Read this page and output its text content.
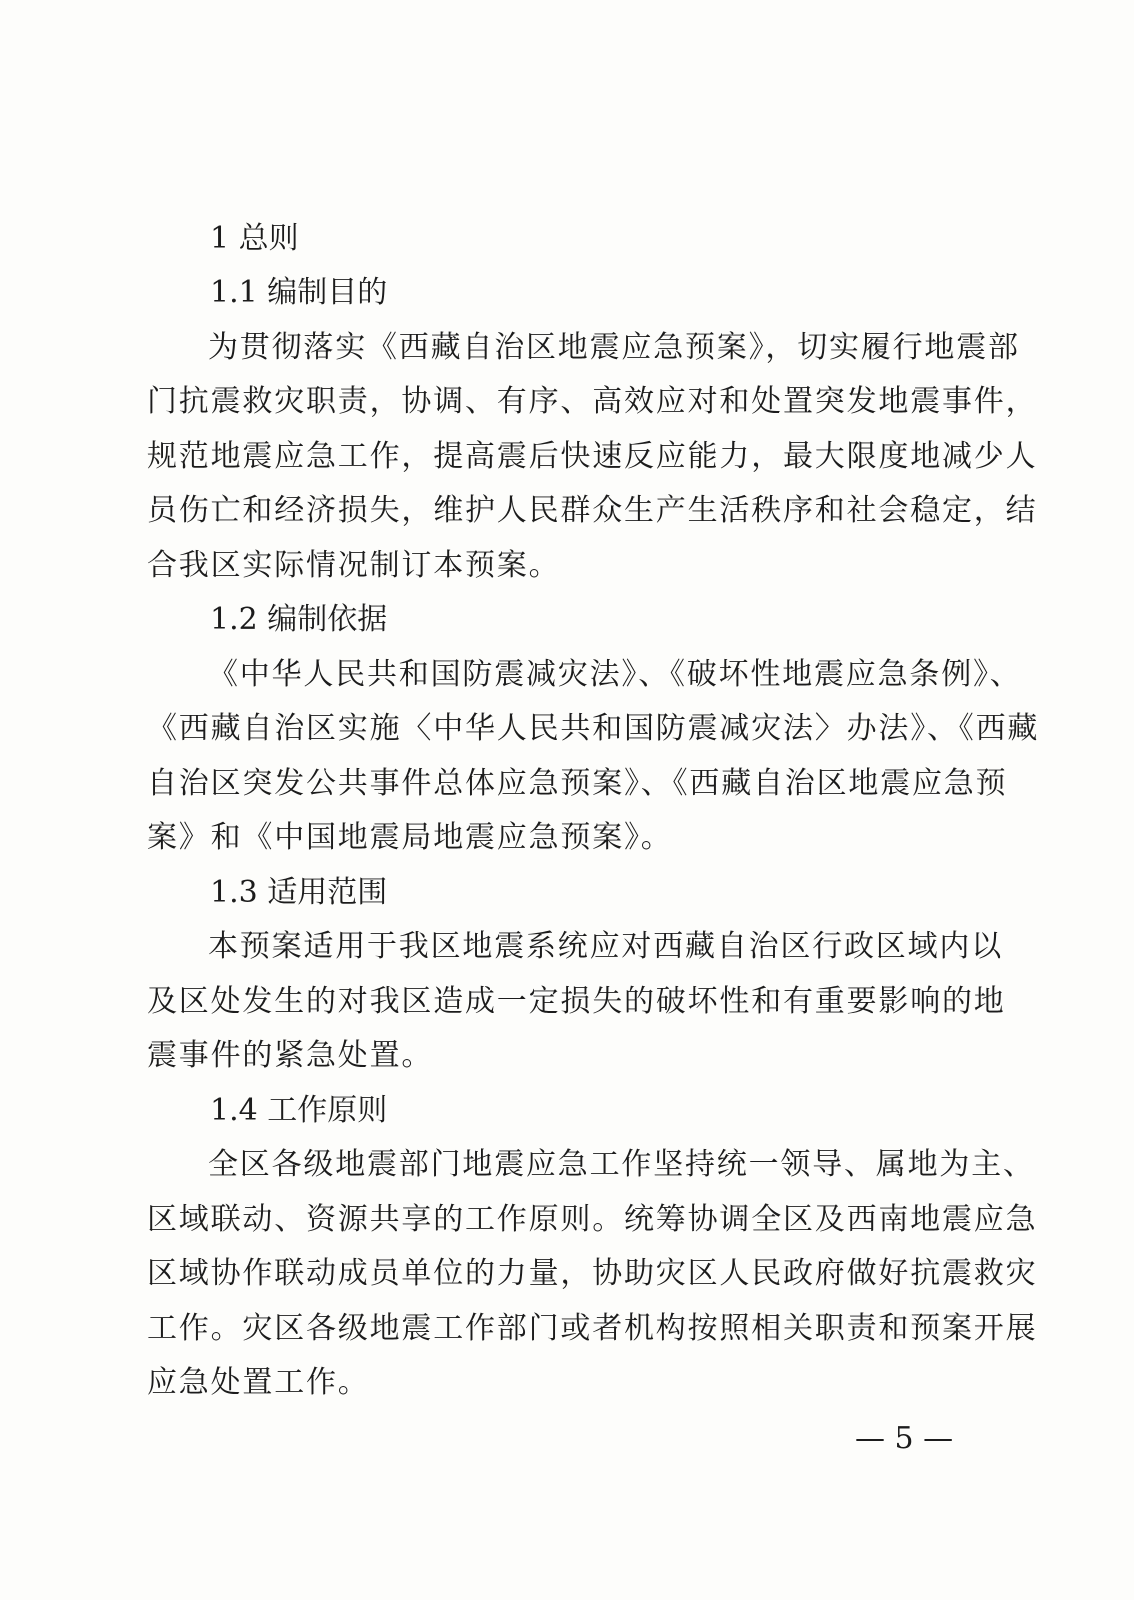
1 总则
1.1 编制目的
为贯彻落实《西藏自治区地震应急预案》，切实履行地震部
门抗震救灾职责，协调、有序、高效应对和处置突发地震事件，
规范地震应急工作，提高震后快速反应能力，最大限度地减少人
员伤亡和经济损失，维护人民群众生产生活秩序和社会稳定，结
合我区实际情况制订本预案。
1.2 编制依据
《中华人民共和国防震减灾法》、《破坏性地震应急条例》、
《西藏自治区实施〈中华人民共和国防震减灾法〉办法》、《西藏
自治区突发公共事件总体应急预案》、《西藏自治区地震应急预
案》和《中国地震局地震应急预案》。
1.3 适用范围
本预案适用于我区地震系统应对西藏自治区行政区域内以
及区处发生的对我区造成一定损失的破坏性和有重要影响的地
震事件的紧急处置。
1.4 工作原则
全区各级地震部门地震应急工作坚持统一领导、属地为主、
区域联动、资源共享的工作原则。统筹协调全区及西南地震应急
区域协作联动成员单位的力量，协助灾区人民政府做好抗震救灾
工作。灾区各级地震工作部门或者机构按照相关职责和预案开展
应急处置工作。
— 5 —
